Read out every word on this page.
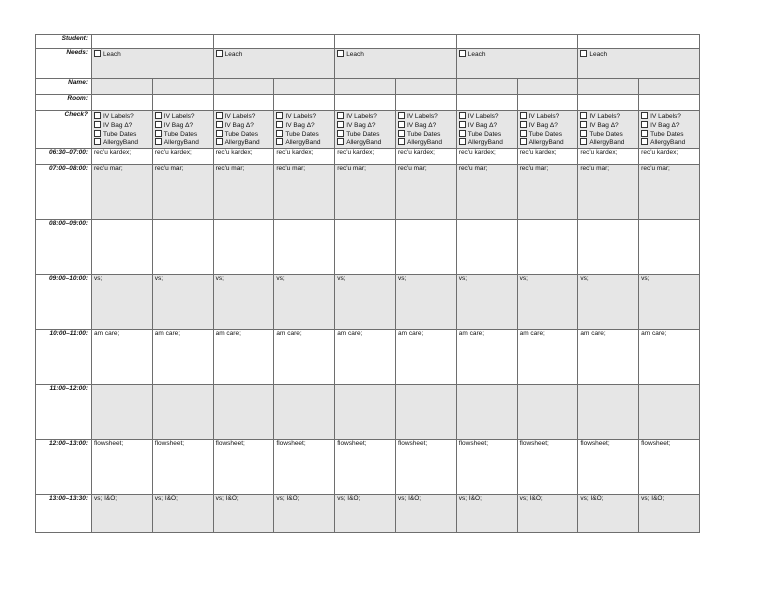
Student:										
Needs:	Leach		Leach		Leach		Leach		Leach	
Name:										
Room:										
Check?	IV Labels?
IV Bag Δ?
Tube Dates
AllergyBand	IV Labels?
IV Bag Δ?
Tube Dates
AllergyBand	IV Labels?
IV Bag Δ?
Tube Dates
AllergyBand	IV Labels?
IV Bag Δ?
Tube Dates
AllergyBand	IV Labels?
IV Bag Δ?
Tube Dates
AllergyBand	IV Labels?
IV Bag Δ?
Tube Dates
AllergyBand	IV Labels?
IV Bag Δ?
Tube Dates
AllergyBand	IV Labels?
IV Bag Δ?
Tube Dates
AllergyBand	IV Labels?
IV Bag Δ?
Tube Dates
AllergyBand	IV Labels?
IV Bag Δ?
Tube Dates
AllergyBand

06:30–07:00:	rec'u kardex;	rec'u kardex;	rec'u kardex;	rec'u kardex;	rec'u kardex;	rec'u kardex;	rec'u kardex;	rec'u kardex;	rec'u kardex;	rec'u kardex;
07:00–08:00:	rec'u mar;	rec'u mar;	rec'u mar;	rec'u mar;	rec'u mar;	rec'u mar;	rec'u mar;	rec'u mar;	rec'u mar;	rec'u mar;
08:00–09:00:										
09:00–10:00:	vs;	vs;	vs;	vs;	vs;	vs;	vs;	vs;	vs;	vs;
10:00–11:00:	am care;	am care;	am care;	am care;	am care;	am care;	am care;	am care;	am care;	am care;
11:00–12:00:										
12:00–13:00:	flowsheet;	flowsheet;	flowsheet;	flowsheet;	flowsheet;	flowsheet;	flowsheet;	flowsheet;	flowsheet;	flowsheet;
13:00–13:30:	vs; I&O;	vs; I&O;	vs; I&O;	vs; I&O;	vs; I&O;	vs; I&O;	vs; I&O;	vs; I&O;	vs; I&O;	vs; I&O;
